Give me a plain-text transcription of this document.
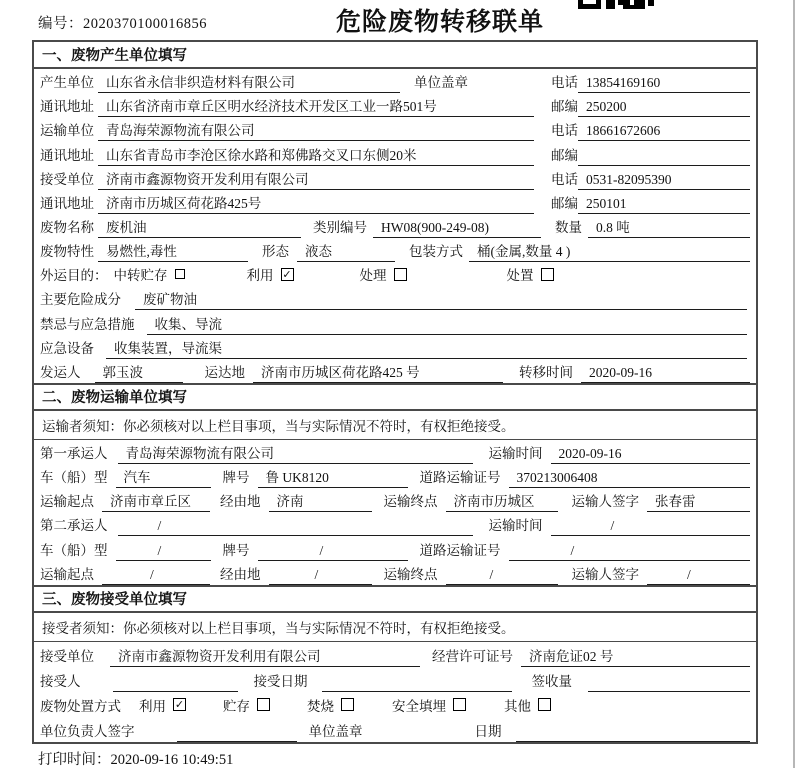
编号：2020370100016856	危险废物转移联单
一、废物产生单位填写
产生单位 山东省永信非织造材料有限公司	单位盖章	电话 13854169160
通讯地址 山东省济南市章丘区明水经济技术开发区工业一路501号	邮编 250200
运输单位 青岛海荣源物流有限公司	电话 18661672606
通讯地址 山东省青岛市李沧区徐水路和郑佛路交叉口东侧20米	邮编
接受单位 济南市鑫源物资开发利用有限公司	电话 0531-82095390
通讯地址 济南市历城区荷花路425号	邮编 250101
废物名称 废机油	类别编号	HW08(900-249-08)	数量	0.8 吨
废物特性 易燃性,毒性	形态	液态	包装方式	桶(金属,数量 4 )
外运目的： 中转贮存	利用 ✓	处理	处置
主要危险成分	废矿物油
禁忌与应急措施	收集、导流
应急设备	收集装置，导流渠
发运人	郭玉波	运达地	济南市历城区荷花路425 号	转移时间	2020-09-16
二、废物运输单位填写
运输者须知：你必须核对以上栏目事项，当与实际情况不符时，有权拒绝接受。
第一承运人	青岛海荣源物流有限公司	运输时间	2020-09-16
车（船）型	汽车	牌号	鲁 UK8120	道路运输证号	370213006408
运输起点	济南市章丘区	经由地	济南	运输终点	济南市历城区	运输人签字	张春雷
第二承运人	/	运输时间	/
车（船）型	/	牌号	/	道路运输证号	/
运输起点	/	经由地	/	运输终点	/	运输人签字	/
三、废物接受单位填写
接受者须知：你必须核对以上栏目事项，当与实际情况不符时，有权拒绝接受。
接受单位	济南市鑫源物资开发利用有限公司	经营许可证号	济南危证02 号
接受人	接受日期	签收量
废物处置方式 利用 ✓	贮存	焚烧	安全填埋	其他
单位负责人签字	单位盖章	日期
打印时间：2020-09-16 10:49:51
